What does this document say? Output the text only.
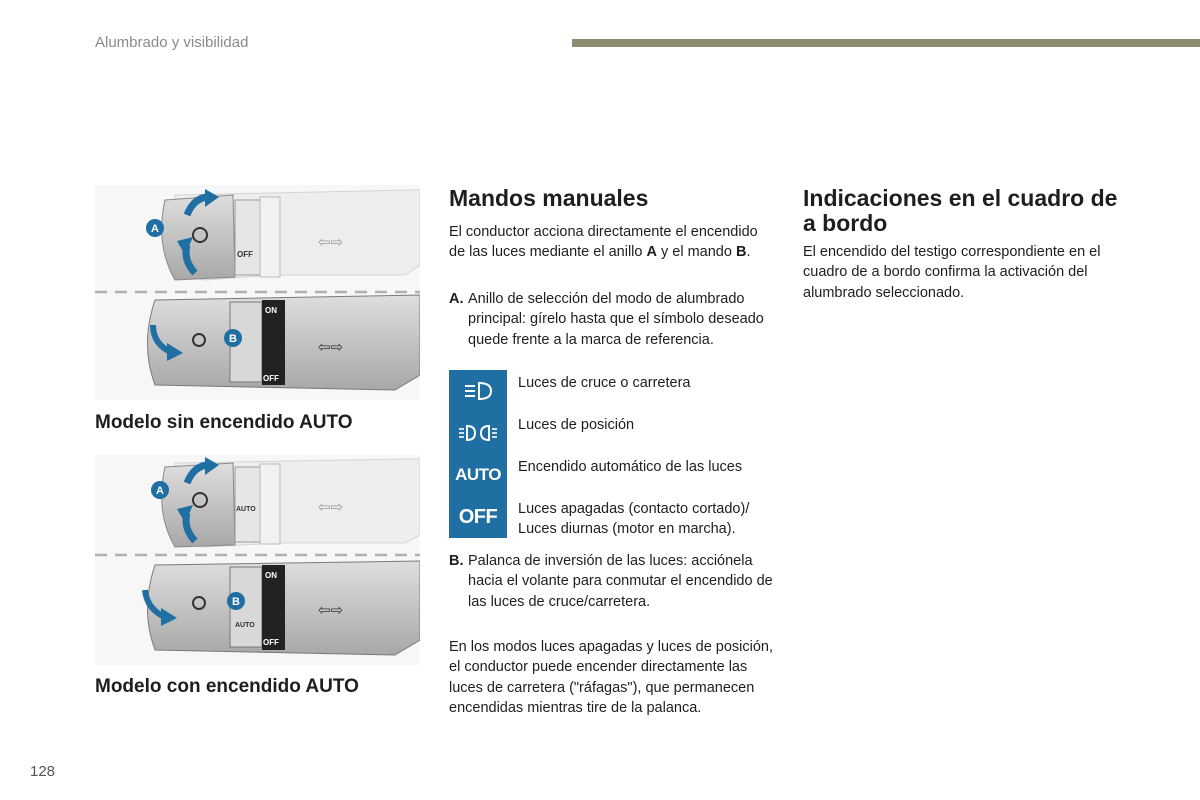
Alumbrado y visibilidad
⇦⇨
⇦⇨
ON
OFF
OFF
A
B
Modelo sin encendido AUTO
⇦⇨
⇦⇨
ON
OFF
AUTO
AUTO
A
B
Modelo con encendido AUTO
Mandos manuales
El conductor acciona directamente el encendido de las luces mediante el anillo A y el mando B.
A. Anillo de selección del modo de alumbrado principal: gírelo hasta que el símbolo deseado quede frente a la marca de referencia.
Luces de cruce o carretera
Luces de posición
AUTO Encendido automático de las luces
OFF Luces apagadas (contacto cortado)/ Luces diurnas (motor en marcha).
B. Palanca de inversión de las luces: acciónela hacia el volante para conmutar el encendido de las luces de cruce/carretera.
En los modos luces apagadas y luces de posición, el conductor puede encender directamente las luces de carretera ("ráfagas"), que permanecen encendidas mientras tire de la palanca.
Indicaciones en el cuadro de a bordo
El encendido del testigo correspondiente en el cuadro de a bordo confirma la activación del alumbrado seleccionado.
128
